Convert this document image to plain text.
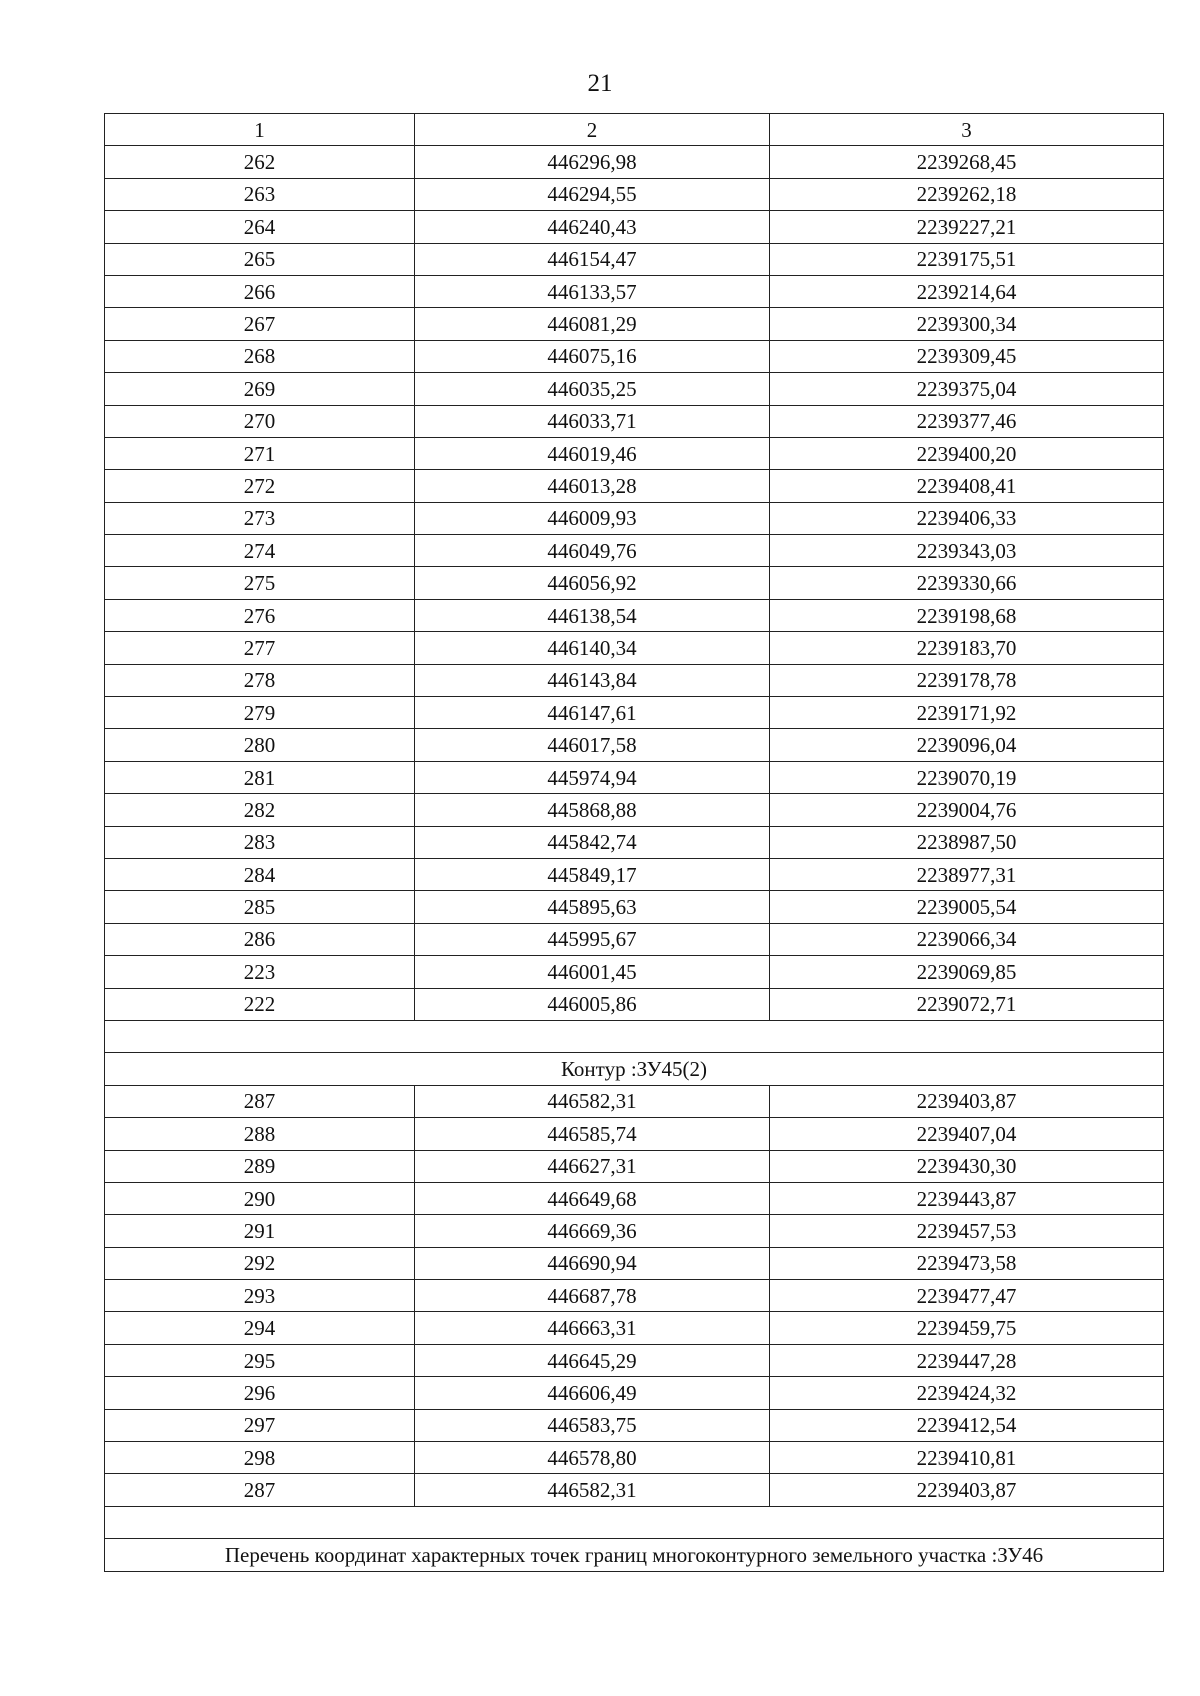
21
1	2	3
262	446296,98	2239268,45
263	446294,55	2239262,18
264	446240,43	2239227,21
265	446154,47	2239175,51
266	446133,57	2239214,64
267	446081,29	2239300,34
268	446075,16	2239309,45
269	446035,25	2239375,04
270	446033,71	2239377,46
271	446019,46	2239400,20
272	446013,28	2239408,41
273	446009,93	2239406,33
274	446049,76	2239343,03
275	446056,92	2239330,66
276	446138,54	2239198,68
277	446140,34	2239183,70
278	446143,84	2239178,78
279	446147,61	2239171,92
280	446017,58	2239096,04
281	445974,94	2239070,19
282	445868,88	2239004,76
283	445842,74	2238987,50
284	445849,17	2238977,31
285	445895,63	2239005,54
286	445995,67	2239066,34
223	446001,45	2239069,85
222	446005,86	2239072,71

Контур :ЗУ45(2)		
287	446582,31	2239403,87
288	446585,74	2239407,04
289	446627,31	2239430,30
290	446649,68	2239443,87
291	446669,36	2239457,53
292	446690,94	2239473,58
293	446687,78	2239477,47
294	446663,31	2239459,75
295	446645,29	2239447,28
296	446606,49	2239424,32
297	446583,75	2239412,54
298	446578,80	2239410,81
287	446582,31	2239403,87

Перечень координат характерных точек границ многоконтурного земельного участка :ЗУ46		
